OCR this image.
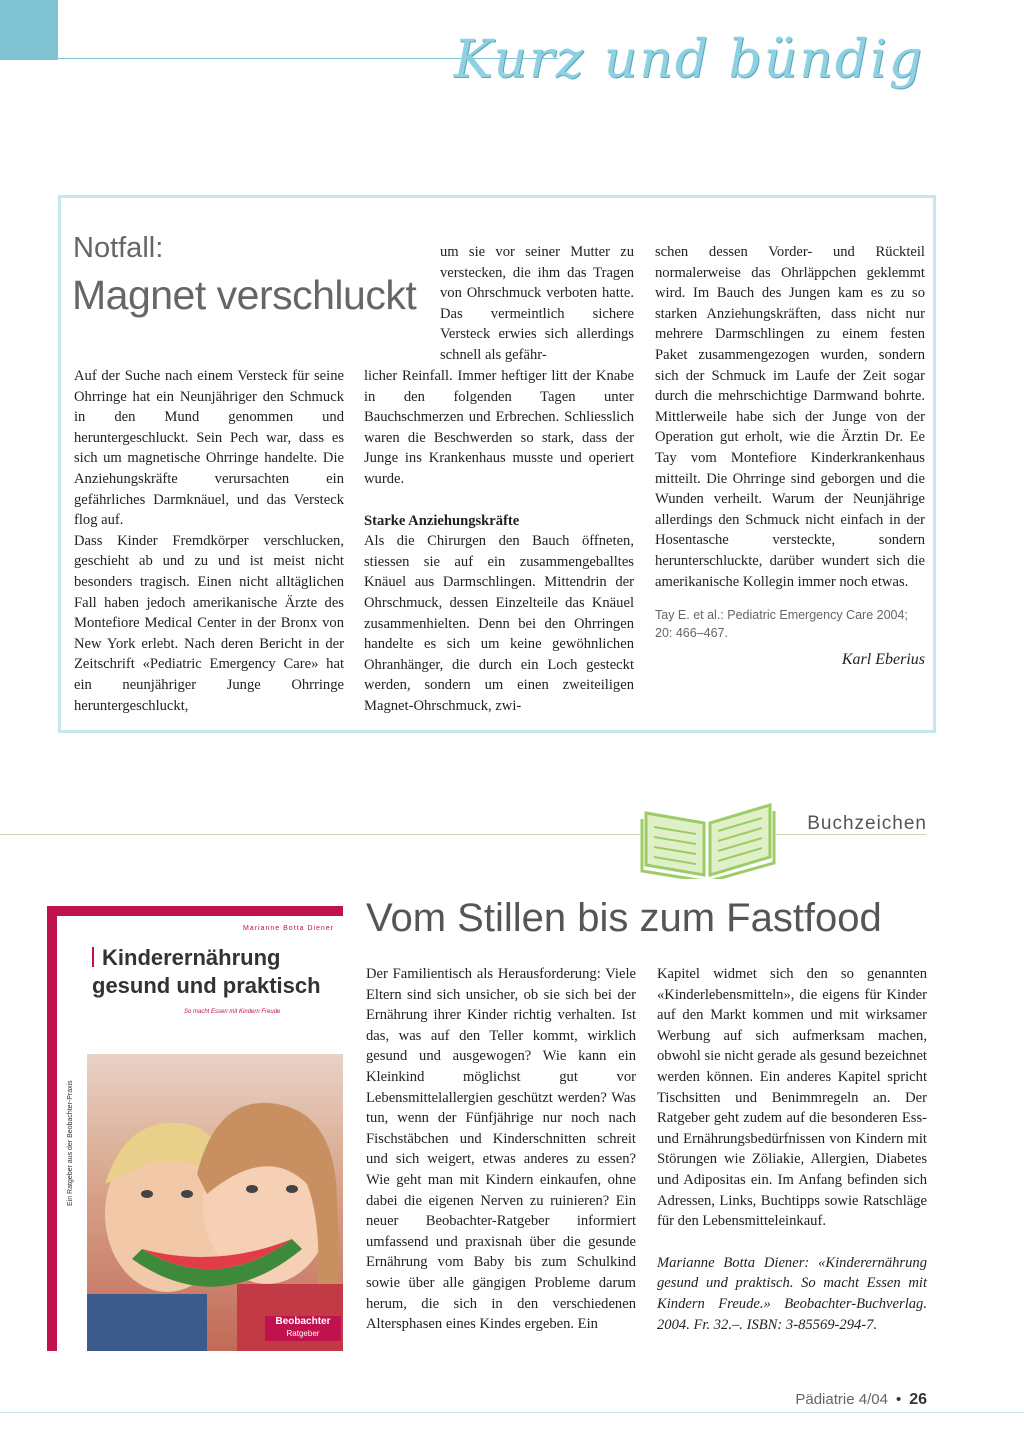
Kurz und bündig
Notfall:
Magnet verschluckt

Auf der Suche nach einem Versteck für seine Ohrringe hat ein Neunjähriger den Schmuck in den Mund genommen und heruntergeschluckt. Sein Pech war, dass es sich um magnetische Ohrringe handelte. Die Anziehungskräfte verursachten ein gefährliches Darmknäuel, und das Versteck flog auf.

Dass Kinder Fremdkörper verschlucken, geschieht ab und zu und ist meist nicht besonders tragisch. Einen nicht alltäglichen Fall haben jedoch amerikanische Ärzte des Montefiore Medical Center in der Bronx von New York erlebt. Nach deren Bericht in der Zeitschrift «Pediatric Emergency Care» hat ein neunjähriger Junge Ohrringe heruntergeschluckt,

um sie vor seiner Mutter zu verstecken, die ihm das Tragen von Ohrschmuck verboten hatte. Das vermeintlich sichere Versteck erwies sich allerdings schnell als gefähr-

licher Reinfall. Immer heftiger litt der Knabe in den folgenden Tagen unter Bauchschmerzen und Erbrechen. Schliesslich waren die Beschwerden so stark, dass der Junge ins Krankenhaus musste und operiert wurde.

Starke Anziehungskräfte

Als die Chirurgen den Bauch öffneten, stiessen sie auf ein zusammengeballtes Knäuel aus Darmschlingen. Mittendrin der Ohrschmuck, dessen Einzelteile das Knäuel zusammenhielten. Denn bei den Ohrringen handelte es sich um keine gewöhnlichen Ohranhänger, die durch ein Loch gesteckt werden, sondern um einen zweiteiligen Magnet-Ohrschmuck, zwi-

schen dessen Vorder- und Rückteil normalerweise das Ohrläppchen geklemmt wird. Im Bauch des Jungen kam es zu so starken Anziehungskräften, dass nicht nur mehrere Darmschlingen zu einem festen Paket zusammengezogen wurden, sondern sich der Schmuck im Laufe der Zeit sogar durch die mehrschichtige Darmwand bohrte. Mittlerweile habe sich der Junge von der Operation gut erholt, wie die Ärztin Dr. Ee Tay vom Montefiore Kinderkrankenhaus mitteilt. Die Ohrringe sind geborgen und die Wunden verheilt. Warum der Neunjährige allerdings den Schmuck nicht einfach in der Hosentasche versteckte, sondern herunterschluckte, darüber wundert sich die amerikanische Kollegin immer noch etwas.

Tay E. et al.: Pediatric Emergency Care 2004; 20: 466–467.

Karl Eberius

Buchzeichen
Marianne Botta Diener
Kinderernährung
gesund und praktisch
So macht Essen mit Kindern Freude
Ein Ratgeber aus der Beobachter-Praxis
Beobachter
Ratgeber
Vom Stillen bis zum Fastfood

Der Familientisch als Herausforderung: Viele Eltern sind sich unsicher, ob sie sich bei der Ernährung ihrer Kinder richtig verhalten. Ist das, was auf den Teller kommt, wirklich gesund und ausgewogen? Wie kann ein Kleinkind möglichst gut vor Lebensmittelallergien geschützt werden? Was tun, wenn der Fünfjährige nur noch nach Fischstäbchen und Kinderschnitten schreit und sich weigert, etwas anderes zu essen? Wie geht man mit Kindern einkaufen, ohne dabei die eigenen Nerven zu ruinieren? Ein neuer Beobachter-Ratgeber informiert umfassend und praxisnah über die gesunde Ernährung vom Baby bis zum Schulkind sowie über alle gängigen Probleme darum herum, die sich in den verschiedenen Altersphasen eines Kindes ergeben. Ein

Kapitel widmet sich den so genannten «Kinderlebensmitteln», die eigens für Kinder auf den Markt kommen und mit wirksamer Werbung auf sich aufmerksam machen, obwohl sie nicht gerade als gesund bezeichnet werden können. Ein anderes Kapitel spricht Tischsitten und Benimmregeln an. Der Ratgeber geht zudem auf die besonderen Ess- und Ernährungsbedürfnissen von Kindern mit Störungen wie Zöliakie, Allergien, Diabetes und Adipositas ein. Im Anfang befinden sich Adressen, Links, Buchtipps sowie Ratschläge für den Lebensmitteleinkauf.

Marianne Botta Diener: «Kinderernährung gesund und praktisch. So macht Essen mit Kindern Freude.» Beobachter-Buchverlag. 2004. Fr. 32.–. ISBN: 3-85569-294-7.

Pädiatrie 4/04 • 26
